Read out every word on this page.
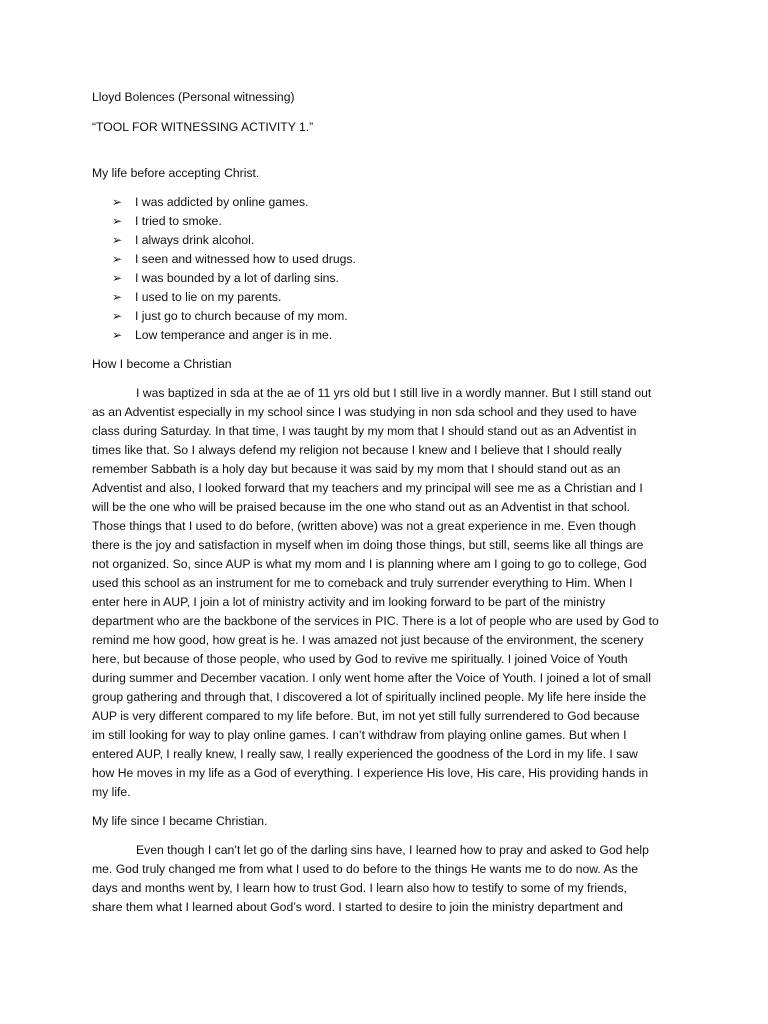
Lloyd Bolences (Personal witnessing)

“TOOL FOR WITNESSING ACTIVITY 1.”

My life before accepting Christ.

➢ I was addicted by online games.
➢ I tried to smoke.
➢ I always drink alcohol.
➢ I seen and witnessed how to used drugs.
➢ I was bounded by a lot of darling sins.
➢ I used to lie on my parents.
➢ I just go to church because of my mom.
➢ Low temperance and anger is in me.

How I become a Christian

I was baptized in sda at the ae of 11 yrs old but I still live in a wordly manner. But I still stand out
as an Adventist especially in my school since I was studying in non sda school and they used to have
class during Saturday. In that time, I was taught by my mom that I should stand out as an Adventist in
times like that. So I always defend my religion not because I knew and I believe that I should really
remember Sabbath is a holy day but because it was said by my mom that I should stand out as an
Adventist and also, I looked forward that my teachers and my principal will see me as a Christian and I
will be the one who will be praised because im the one who stand out as an Adventist in that school.
Those things that I used to do before, (written above) was not a great experience in me. Even though
there is the joy and satisfaction in myself when im doing those things, but still, seems like all things are
not organized. So, since AUP is what my mom and I is planning where am I going to go to college, God
used this school as an instrument for me to comeback and truly surrender everything to Him. When I
enter here in AUP, I join a lot of ministry activity and im looking forward to be part of the ministry
department who are the backbone of the services in PIC. There is a lot of people who are used by God to
remind me how good, how great is he. I was amazed not just because of the environment, the scenery
here, but because of those people, who used by God to revive me spiritually. I joined Voice of Youth
during summer and December vacation. I only went home after the Voice of Youth. I joined a lot of small
group gathering and through that, I discovered a lot of spiritually inclined people. My life here inside the
AUP is very different compared to my life before. But, im not yet still fully surrendered to God because
im still looking for way to play online games. I can’t withdraw from playing online games. But when I
entered AUP, I really knew, I really saw, I really experienced the goodness of the Lord in my life. I saw
how He moves in my life as a God of everything. I experience His love, His care, His providing hands in
my life.

My life since I became Christian.

Even though I can’t let go of the darling sins have, I learned how to pray and asked to God help
me. God truly changed me from what I used to do before to the things He wants me to do now. As the
days and months went by, I learn how to trust God. I learn also how to testify to some of my friends,
share them what I learned about God’s word. I started to desire to join the ministry department and
